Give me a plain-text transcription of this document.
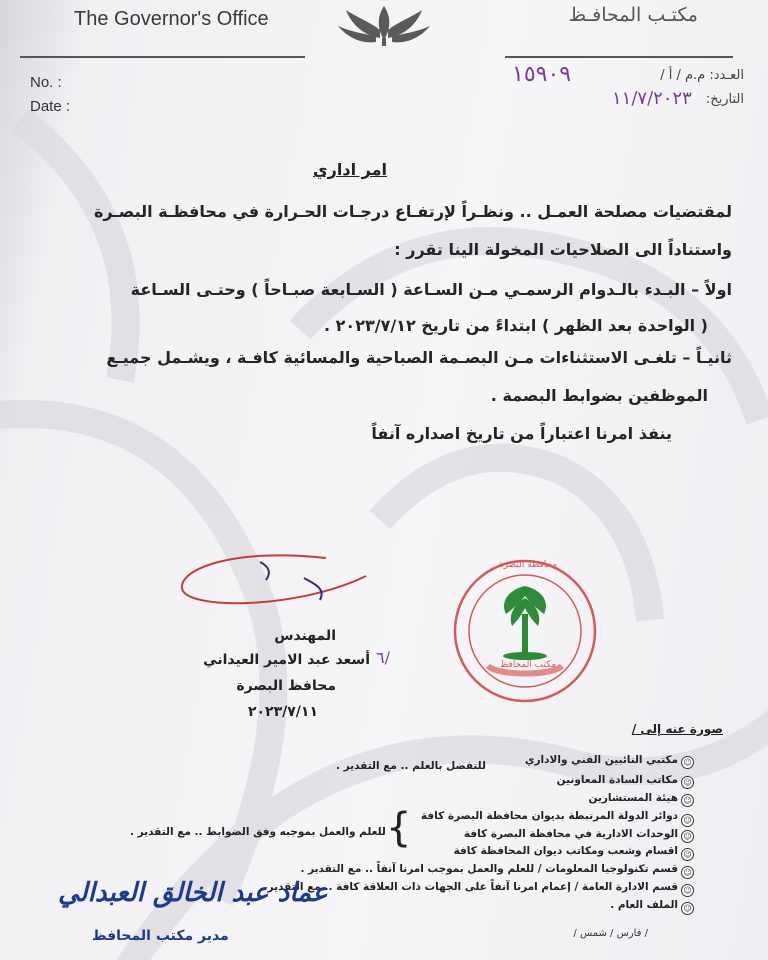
The Governor's Office	مكتـب المحافـظ
No. :
Date :
العـدد: م.م / أ /
١٥٩٠٩
التاريخ:
١١/٧/٢٠٢٣
امر اداري
لمقتضيات مصلحة العمـل .. ونظـراً لإرتفـاع درجـات الحـرارة في محافظـة البصـرة
واستناداً الى الصلاحيات المخولة الينا تقرر :
اولاً – البـدء بالـدوام الرسمـي مـن السـاعة ( السـابعة صبـاحاً ) وحتـى السـاعة
( الواحدة بعد الظهر ) ابتداءً من تاريخ ٢٠٢٣/٧/١٢ .
ثانيـاً – تلغـى الاستثناءات مـن البصـمة الصباحية والمسائية كافـة ، ويشـمل جميـع
الموظفين بضوابط البصمة .
ينفذ امرنا اعتباراً من تاريخ اصداره آنفاً
المهندس
أسعد عبد الامير العيداني ٦/
محافظ البصرة
٢٠٢٣/٧/١١
محافظة البصرة
مكتب المحافظ
صورة عنه إلى /
☺
مكتبي النائبين الفني والاداري
للتفضل بالعلم .. مع التقدير .
☺
مكاتب السادة المعاونين
☺
هيئة المستشارين
☺
دوائر الدولة المرتبطة بديوان محافظة البصرة كافة
☺
الوحدات الادارية في محافظة البصرة كافة
☺
اقسام وشعب ومكاتب ديوان المحافظة كافة
{
للعلم والعمل بموجبه وفق الضوابط .. مع التقدير .
☺
قسم تكنولوجيا المعلومات / للعلم والعمل بموجب امرنا آنفاً .. مع التقدير .
☺
قسم الادارة العامة / إعمام امرنا آنفاً على الجهات ذات العلاقة كافة .. مع التقدير .
☺
الملف العام .
/ فارس / شمس /
عماد عبد الخالق العبدالي
مدير مكتب المحافظ
